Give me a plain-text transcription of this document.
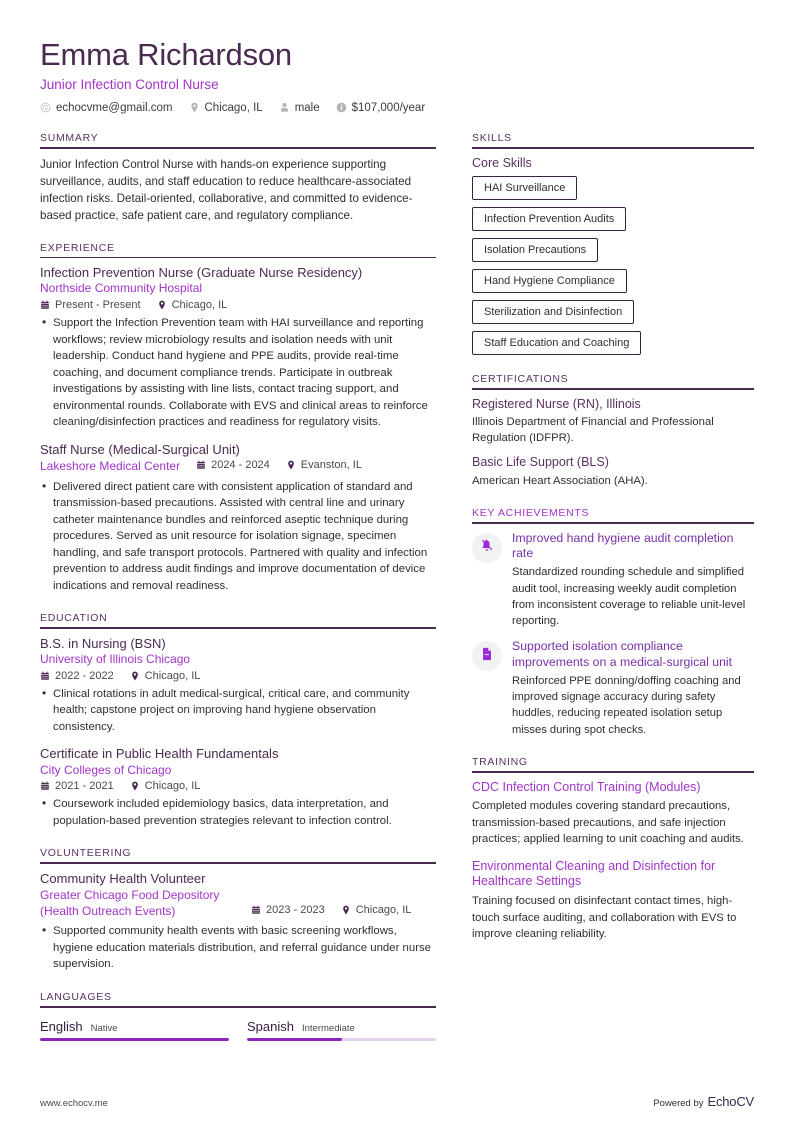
Emma Richardson
Junior Infection Control Nurse
echocvme@gmail.com	Chicago, IL	male	$107,000/year
SUMMARY

Junior Infection Control Nurse with hands-on experience supporting surveillance, audits, and staff education to reduce healthcare-associated infection risks. Detail-oriented, collaborative, and committed to evidence-based practice, safe patient care, and regulatory compliance.

EXPERIENCE
Infection Prevention Nurse (Graduate Nurse Residency)
Northside Community Hospital
Present - Present	Chicago, IL
• Support the Infection Prevention team with HAI surveillance and reporting workflows; review microbiology results and isolation needs with unit leadership. Conduct hand hygiene and PPE audits, provide real-time coaching, and document compliance trends. Participate in outbreak investigations by assisting with line lists, contact tracing support, and environmental rounds. Collaborate with EVS and clinical areas to reinforce cleaning/disinfection practices and readiness for regulatory visits.
Staff Nurse (Medical-Surgical Unit)
Lakeshore Medical Center	2024 - 2024	Evanston, IL
• Delivered direct patient care with consistent application of standard and transmission-based precautions. Assisted with central line and urinary catheter maintenance bundles and reinforced aseptic technique during procedures. Served as unit resource for isolation signage, specimen handling, and safe transport protocols. Partnered with quality and infection prevention to address audit findings and improve documentation of device indications and removal readiness.
EDUCATION
B.S. in Nursing (BSN)
University of Illinois Chicago
2022 - 2022	Chicago, IL
• Clinical rotations in adult medical-surgical, critical care, and community health; capstone project on improving hand hygiene observation consistency.
Certificate in Public Health Fundamentals
City Colleges of Chicago
2021 - 2021	Chicago, IL
• Coursework included epidemiology basics, data interpretation, and population-based prevention strategies relevant to infection control.
VOLUNTEERING
Community Health Volunteer
Greater Chicago Food Depository (Health Outreach Events)	2023 - 2023	Chicago, IL
• Supported community health events with basic screening workflows, hygiene education materials distribution, and referral guidance under nurse supervision.
LANGUAGES
English Native	Spanish Intermediate
SKILLS
Core Skills
HAI Surveillance
Infection Prevention Audits
Isolation Precautions
Hand Hygiene Compliance
Sterilization and Disinfection
Staff Education and Coaching
CERTIFICATIONS
Registered Nurse (RN), Illinois
Illinois Department of Financial and Professional Regulation (IDFPR).
Basic Life Support (BLS)
American Heart Association (AHA).
KEY ACHIEVEMENTS
Improved hand hygiene audit completion rate
Standardized rounding schedule and simplified audit tool, increasing weekly audit completion from inconsistent coverage to reliable unit-level reporting.
Supported isolation compliance improvements on a medical-surgical unit
Reinforced PPE donning/doffing coaching and improved signage accuracy during safety huddles, reducing repeated isolation setup misses during spot checks.
TRAINING
CDC Infection Control Training (Modules)
Completed modules covering standard precautions, transmission-based precautions, and safe injection practices; applied learning to unit coaching and audits.
Environmental Cleaning and Disinfection for Healthcare Settings
Training focused on disinfectant contact times, high-touch surface auditing, and collaboration with EVS to improve cleaning reliability.
www.echocv.me	Powered by EchoCV
